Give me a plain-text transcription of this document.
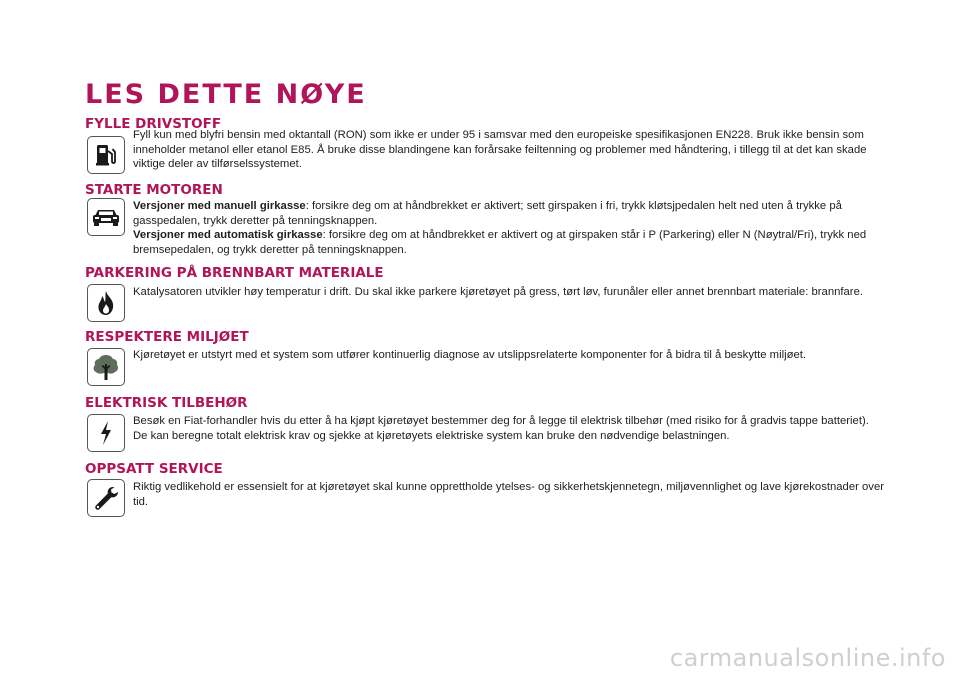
LES DETTE NØYE
FYLLE DRIVSTOFF

Fyll kun med blyfri bensin med oktantall (RON) som ikke er under 95 i samsvar med den europeiske spesifikasjonen EN228. Bruk ikke bensin som inneholder metanol eller etanol E85. Å bruke disse blandingene kan forårsake feiltenning og problemer med håndtering, i tillegg til at det kan skade viktige deler av tilførselssystemet.

STARTE MOTOREN

Versjoner med manuell girkasse: forsikre deg om at håndbrekket er aktivert; sett girspaken i fri, trykk kløtsjpedalen helt ned uten å trykke på gasspedalen, trykk deretter på tenningsknappen.

Versjoner med automatisk girkasse: forsikre deg om at håndbrekket er aktivert og at girspaken står i P (Parkering) eller N (Nøytral/Fri), trykk ned bremsepedalen, og trykk deretter på tenningsknappen.

PARKERING PÅ BRENNBART MATERIALE

Katalysatoren utvikler høy temperatur i drift. Du skal ikke parkere kjøretøyet på gress, tørt løv, furunåler eller annet brennbart materiale: brannfare.

RESPEKTERE MILJØET

Kjøretøyet er utstyrt med et system som utfører kontinuerlig diagnose av utslippsrelaterte komponenter for å bidra til å beskytte miljøet.

ELEKTRISK TILBEHØR

Besøk en Fiat-forhandler hvis du etter å ha kjøpt kjøretøyet bestemmer deg for å legge til elektrisk tilbehør (med risiko for å gradvis tappe batteriet). De kan beregne totalt elektrisk krav og sjekke at kjøretøyets elektriske system kan bruke den nødvendige belastningen.

OPPSATT SERVICE

Riktig vedlikehold er essensielt for at kjøretøyet skal kunne opprettholde ytelses- og sikkerhetskjennetegn, miljøvennlighet og lave kjørekostnader over tid.

carmanualsonline.info
